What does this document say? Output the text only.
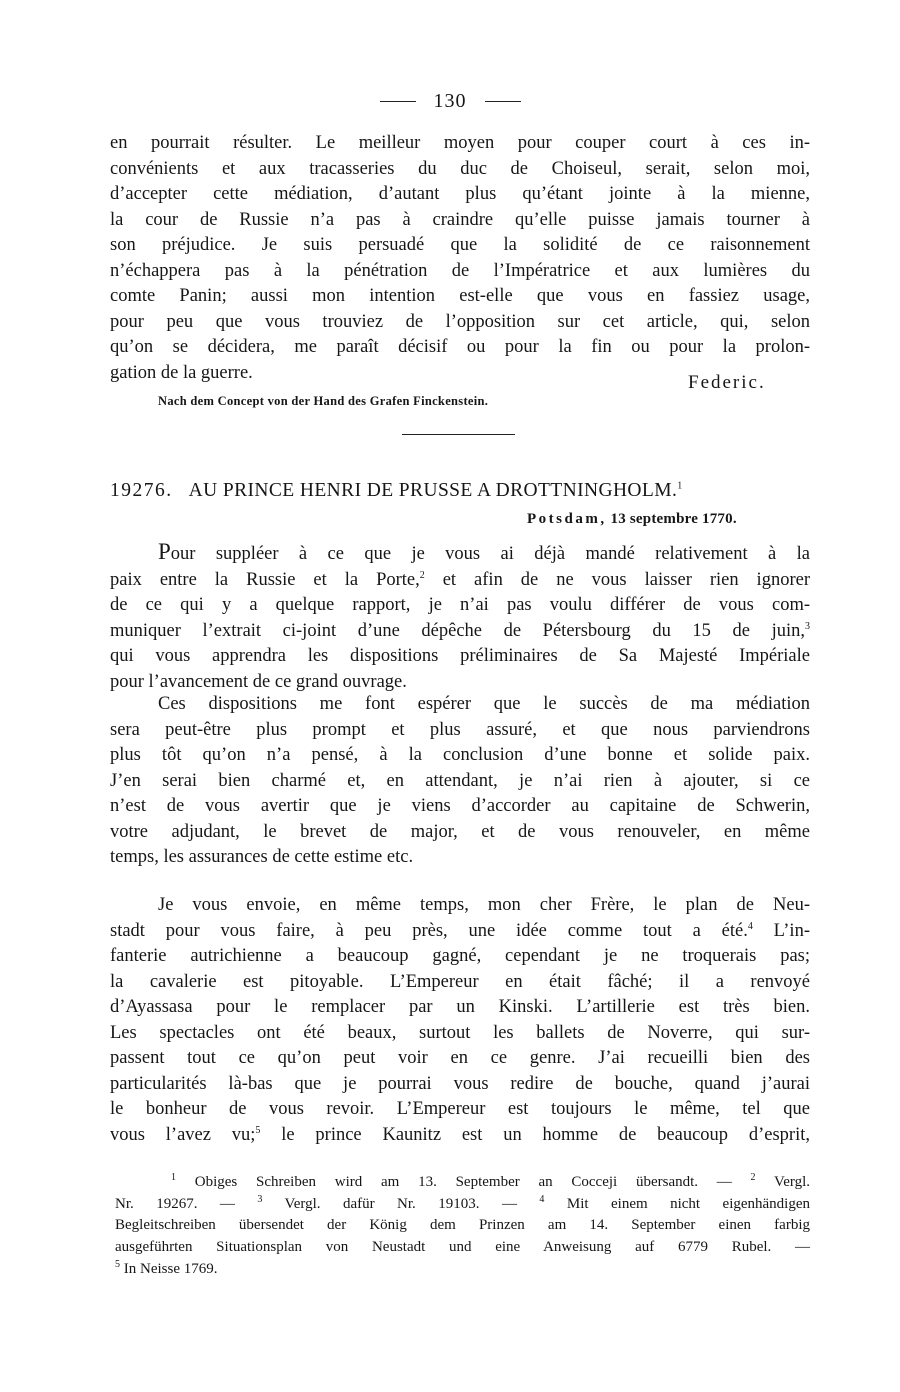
130
en pourrait résulter. Le meilleur moyen pour couper court à ces in-
convénients et aux tracasseries du duc de Choiseul, serait, selon moi,
d’accepter cette médiation, d’autant plus qu’étant jointe à la mienne,
la cour de Russie n’a pas à craindre qu’elle puisse jamais tourner à
son préjudice. Je suis persuadé que la solidité de ce raisonnement
n’échappera pas à la pénétration de l’Impératrice et aux lumières du
comte Panin; aussi mon intention est-elle que vous en fassiez usage,
pour peu que vous trouviez de l’opposition sur cet article, qui, selon
qu’on se décidera, me paraît décisif ou pour la fin ou pour la prolon-
gation de la guerre.	Federic.
Nach dem Concept von der Hand des Grafen Finckenstein.
19276. AU PRINCE HENRI DE PRUSSE A DROTTNINGHOLM.$^1$
Potsdam, 13 septembre 1770.
Pour suppléer à ce que je vous ai déjà mandé relativement à la
paix entre la Russie et la Porte,$^2$ et afin de ne vous laisser rien ignorer
de ce qui y a quelque rapport, je n’ai pas voulu différer de vous com-
muniquer l’extrait ci-joint d’une dépêche de Pétersbourg du 15 de juin,$^3$
qui vous apprendra les dispositions préliminaires de Sa Majesté Impériale
pour l’avancement de ce grand ouvrage.
Ces dispositions me font espérer que le succès de ma médiation
sera peut-être plus prompt et plus assuré, et que nous parviendrons
plus tôt qu’on n’a pensé, à la conclusion d’une bonne et solide paix.
J’en serai bien charmé et, en attendant, je n’ai rien à ajouter, si ce
n’est de vous avertir que je viens d’accorder au capitaine de Schwerin,
votre adjudant, le brevet de major, et de vous renouveler, en même
temps, les assurances de cette estime etc.
Je vous envoie, en même temps, mon cher Frère, le plan de Neu-
stadt pour vous faire, à peu près, une idée comme tout a été.$^4$ L’in-
fanterie autrichienne a beaucoup gagné, cependant je ne troquerais pas;
la cavalerie est pitoyable. L’Empereur en était fâché; il a renvoyé
d’Ayassasa pour le remplacer par un Kinski. L’artillerie est très bien.
Les spectacles ont été beaux, surtout les ballets de Noverre, qui sur-
passent tout ce qu’on peut voir en ce genre. J’ai recueilli bien des
particularités là-bas que je pourrai vous redire de bouche, quand j’aurai
le bonheur de vous revoir. L’Empereur est toujours le même, tel que
vous l’avez vu;$^5$ le prince Kaunitz est un homme de beaucoup d’esprit,
$^1$ Obiges Schreiben wird am 13. September an Cocceji übersandt. — $^2$ Vergl.
Nr. 19267. — $^3$ Vergl. dafür Nr. 19103. — $^4$ Mit einem nicht eigenhändigen
Begleitschreiben übersendet der König dem Prinzen am 14. September einen farbig
ausgeführten Situationsplan von Neustadt und eine Anweisung auf 6779 Rubel. —
$^5$ In Neisse 1769.
